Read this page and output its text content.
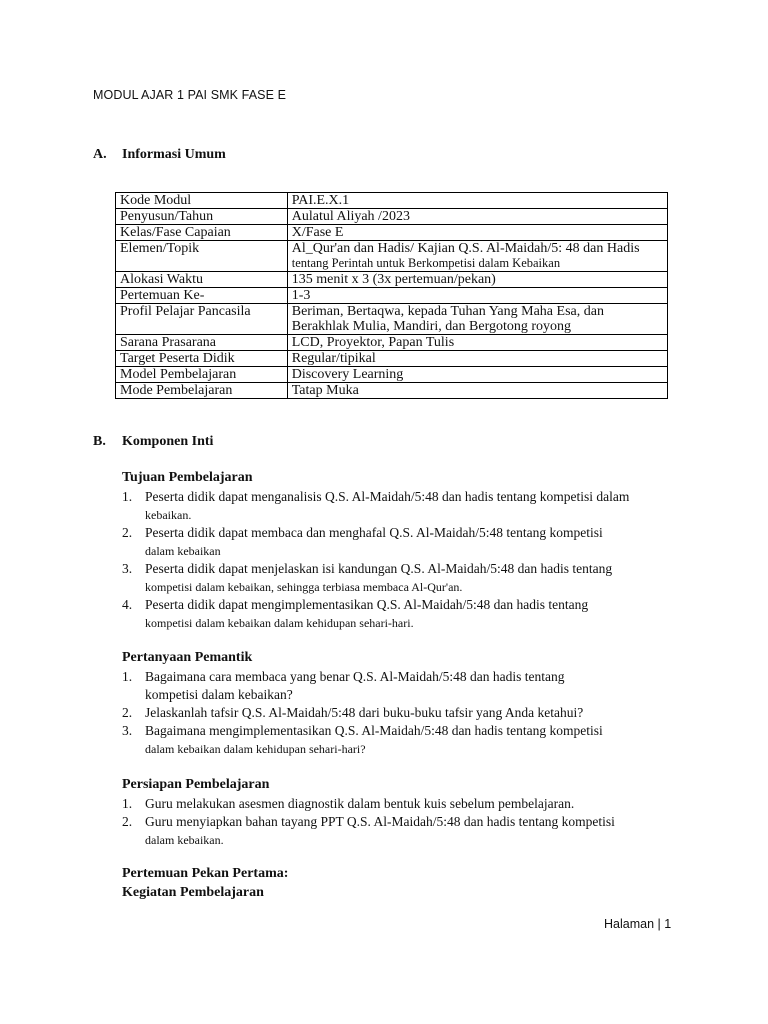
MODUL AJAR 1 PAI SMK FASE E
A. Informasi Umum
Kode Modul	PAI.E.X.1
Penyusun/Tahun	Aulatul Aliyah /2023
Kelas/Fase Capaian	X/Fase E
Elemen/Topik	Al_Qur'an dan Hadis/ Kajian Q.S. Al-Maidah/5: 48 dan Hadis
tentang Perintah untuk Berkompetisi dalam Kebaikan
Alokasi Waktu	135 menit x 3 (3x pertemuan/pekan)
Pertemuan Ke-	1-3
Profil Pelajar Pancasila	Beriman, Bertaqwa, kepada Tuhan Yang Maha Esa, dan
Berakhlak Mulia, Mandiri, dan Bergotong royong
Sarana Prasarana	LCD, Proyektor, Papan Tulis
Target Peserta Didik	Regular/tipikal
Model Pembelajaran	Discovery Learning
Mode Pembelajaran	Tatap Muka
B. Komponen Inti
Tujuan Pembelajaran
1. Peserta didik dapat menganalisis Q.S. Al-Maidah/5:48 dan hadis tentang kompetisi dalam
kebaikan.
2. Peserta didik dapat membaca dan menghafal Q.S. Al-Maidah/5:48 tentang kompetisi
dalam kebaikan
3. Peserta didik dapat menjelaskan isi kandungan Q.S. Al-Maidah/5:48 dan hadis tentang
kompetisi dalam kebaikan, sehingga terbiasa membaca Al-Qur'an.
4. Peserta didik dapat mengimplementasikan Q.S. Al-Maidah/5:48 dan hadis tentang
kompetisi dalam kebaikan dalam kehidupan sehari-hari.
Pertanyaan Pemantik
1. Bagaimana cara membaca yang benar Q.S. Al-Maidah/5:48 dan hadis tentang
kompetisi dalam kebaikan?
2. Jelaskanlah tafsir Q.S. Al-Maidah/5:48 dari buku-buku tafsir yang Anda ketahui?
3. Bagaimana mengimplementasikan Q.S. Al-Maidah/5:48 dan hadis tentang kompetisi
dalam kebaikan dalam kehidupan sehari-hari?
Persiapan Pembelajaran
1. Guru melakukan asesmen diagnostik dalam bentuk kuis sebelum pembelajaran.
2. Guru menyiapkan bahan tayang PPT Q.S. Al-Maidah/5:48 dan hadis tentang kompetisi
dalam kebaikan.
Pertemuan Pekan Pertama:
Kegiatan Pembelajaran
Halaman | 1
